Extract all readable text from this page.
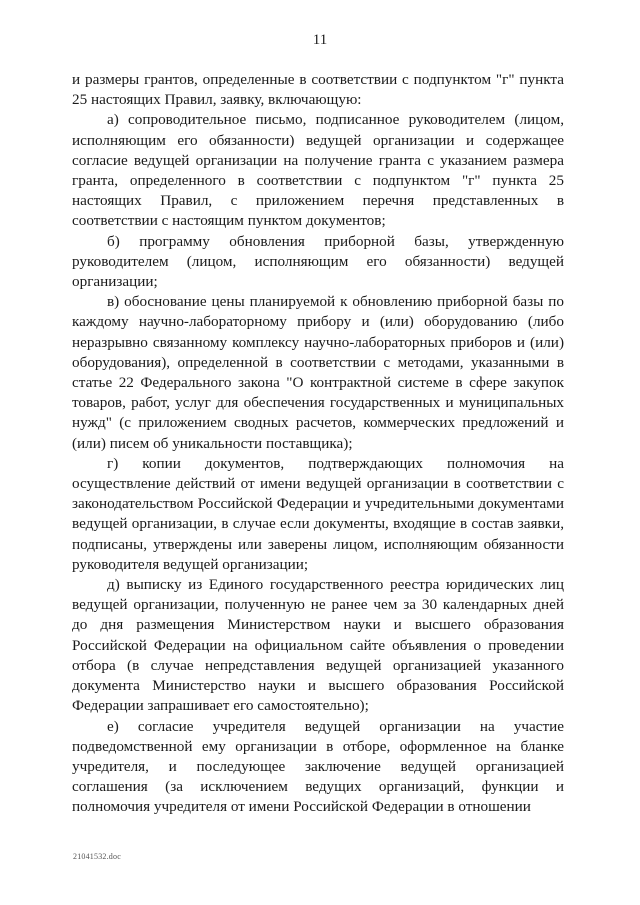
11

и размеры грантов, определенные в соответствии с подпунктом "г" пункта 25 настоящих Правил, заявку, включающую:

а) сопроводительное письмо, подписанное руководителем (лицом, исполняющим его обязанности) ведущей организации и содержащее согласие ведущей организации на получение гранта с указанием размера гранта, определенного в соответствии с подпунктом "г" пункта 25 настоящих Правил, с приложением перечня представленных в соответствии с настоящим пунктом документов;

б) программу обновления приборной базы, утвержденную руководителем (лицом, исполняющим его обязанности) ведущей организации;

в) обоснование цены планируемой к обновлению приборной базы по каждому научно-лабораторному прибору и (или) оборудованию (либо неразрывно связанному комплексу научно-лабораторных приборов и (или) оборудования), определенной в соответствии с методами, указанными в статье 22 Федерального закона "О контрактной системе в сфере закупок товаров, работ, услуг для обеспечения государственных и муниципальных нужд" (с приложением сводных расчетов, коммерческих предложений и (или) писем об уникальности поставщика);

г) копии документов, подтверждающих полномочия на осуществление действий от имени ведущей организации в соответствии с законодательством Российской Федерации и учредительными документами ведущей организации, в случае если документы, входящие в состав заявки, подписаны, утверждены или заверены лицом, исполняющим обязанности руководителя ведущей организации;

д) выписку из Единого государственного реестра юридических лиц ведущей организации, полученную не ранее чем за 30 календарных дней до дня размещения Министерством науки и высшего образования Российской Федерации на официальном сайте объявления о проведении отбора (в случае непредставления ведущей организацией указанного документа Министерство науки и высшего образования Российской Федерации запрашивает его самостоятельно);

е) согласие учредителя ведущей организации на участие подведомственной ему организации в отборе, оформленное на бланке учредителя, и последующее заключение ведущей организацией соглашения (за исключением ведущих организаций, функции и полномочия учредителя от имени Российской Федерации в отношении

21041532.doc
